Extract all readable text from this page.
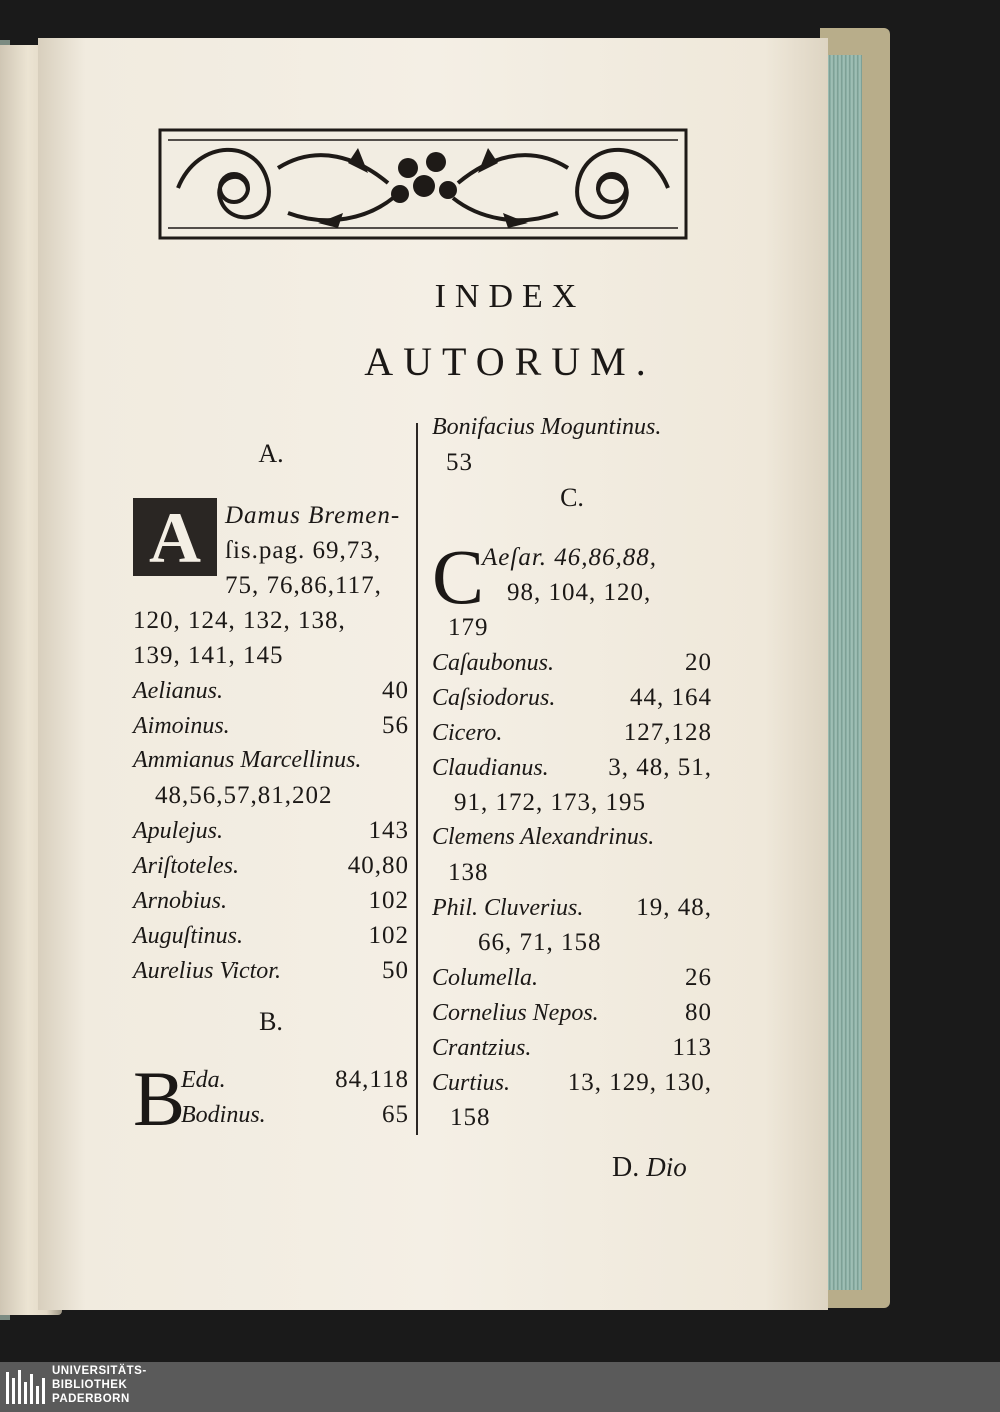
INDEX
AUTORUM.
A.
A Damus Bremen-
ſis.pag. 69,73,
75, 76,86,117,
120, 124, 132, 138,
139, 141, 145
Aelianus.	40
Aimoinus.	56
Ammianus Marcellinus.
48,56,57,81,202
Apulejus.	143
Ariſtoteles.	40,80
Arnobius.	102
Auguſtinus.	102
Aurelius Victor.	50
B.
B
Eda.	84,118
Bodinus.	65
Bonifacius Moguntinus.
53
C.
C
Aeſar. 46,86,88,
98, 104, 120,
179
Caſaubonus.	20
Caſsiodorus.	44, 164
Cicero.	127,128
Claudianus. 3, 48, 51,
91, 172, 173, 195
Clemens Alexandrinus.
138
Phil. Cluverius. 19, 48,
66, 71, 158
Columella.	26
Cornelius Nepos.	80
Crantzius.	113
Curtius. 13, 129, 130,
158
D. Dio
UNIVERSITÄTS-
BIBLIOTHEK
PADERBORN
